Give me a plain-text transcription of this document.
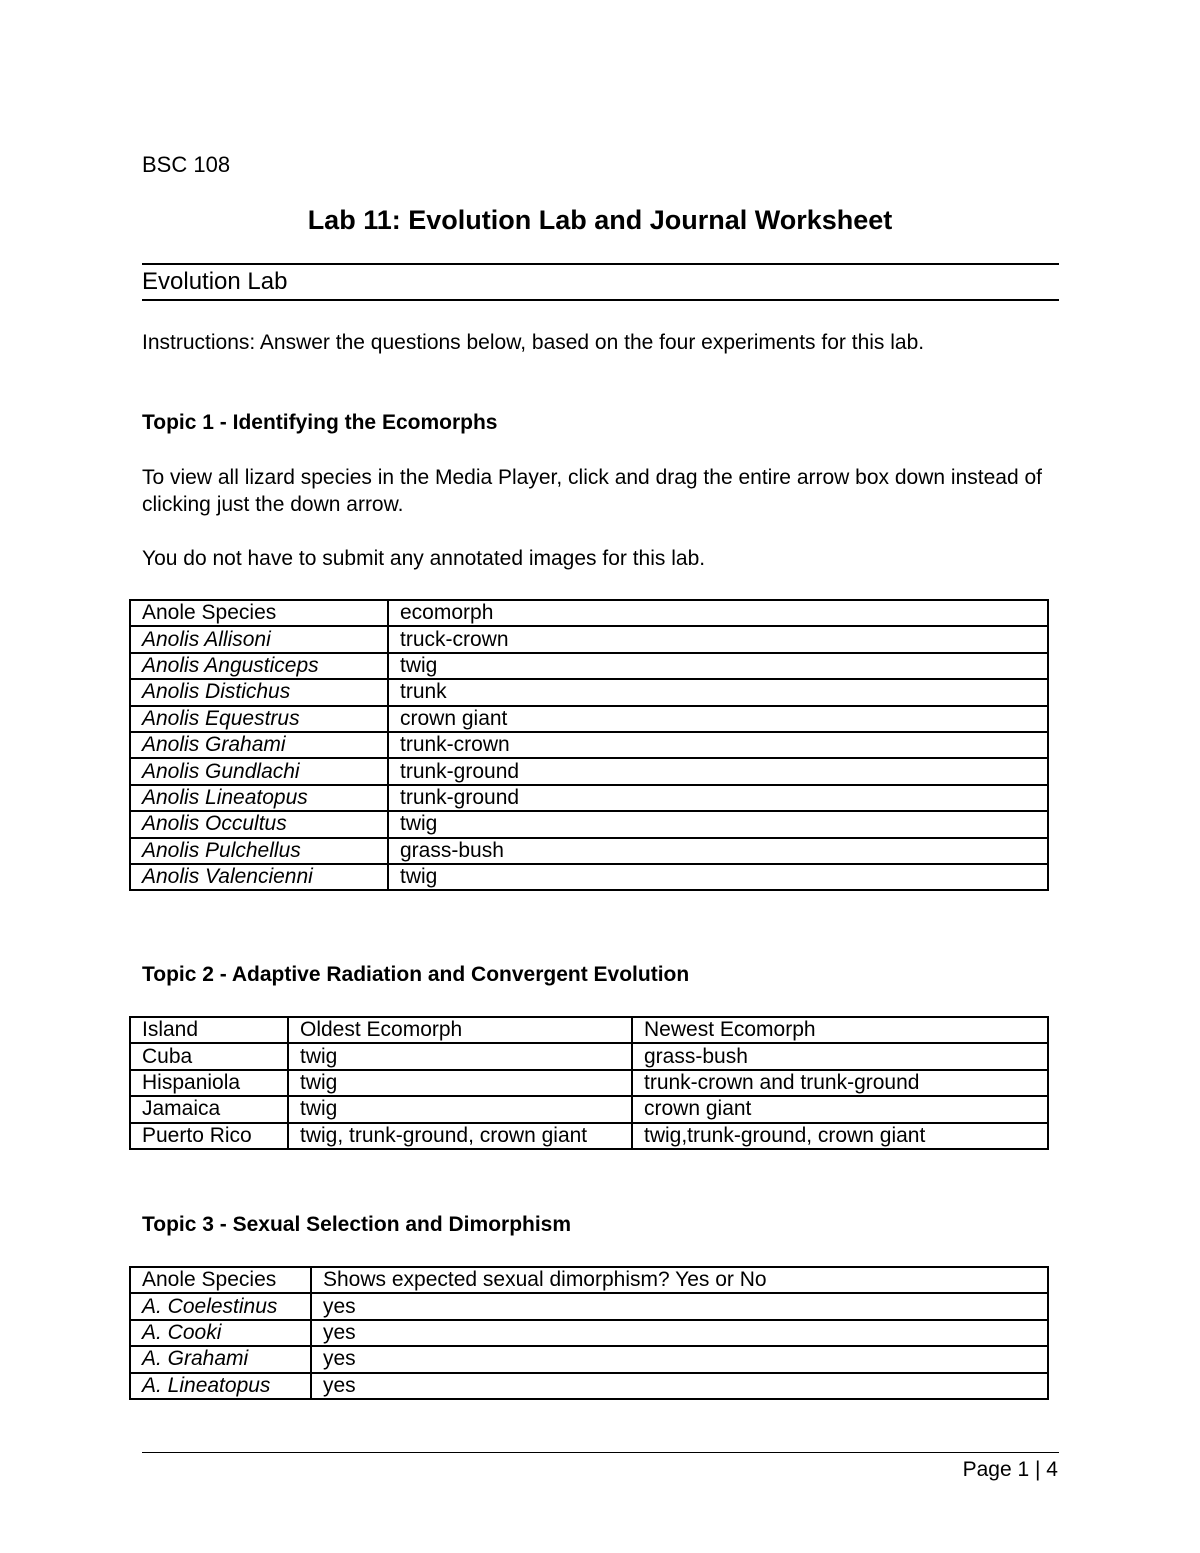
BSC 108
Lab 11: Evolution Lab and Journal Worksheet
Evolution Lab
Instructions: Answer the questions below, based on the four experiments for this lab.
Topic 1 - Identifying the Ecomorphs
To view all lizard species in the Media Player, click and drag the entire arrow box down instead of clicking just the down arrow.
You do not have to submit any annotated images for this lab.
Anole Species	ecomorph
Anolis Allisoni	truck-crown
Anolis Angusticeps	twig
Anolis Distichus	trunk
Anolis Equestrus	crown giant
Anolis Grahami	trunk-crown
Anolis Gundlachi	trunk-ground
Anolis Lineatopus	trunk-ground
Anolis Occultus	twig
Anolis Pulchellus	grass-bush
Anolis Valencienni	twig
Topic 2 - Adaptive Radiation and Convergent Evolution
Island	Oldest Ecomorph	Newest Ecomorph
Cuba	twig	grass-bush
Hispaniola	twig	trunk-crown and trunk-ground
Jamaica	twig	crown giant
Puerto Rico	twig, trunk-ground, crown giant	twig,trunk-ground, crown giant
Topic 3 - Sexual Selection and Dimorphism
Anole Species	Shows expected sexual dimorphism? Yes or No
A. Coelestinus	yes
A. Cooki	yes
A. Grahami	yes
A. Lineatopus	yes
Page 1 | 4
